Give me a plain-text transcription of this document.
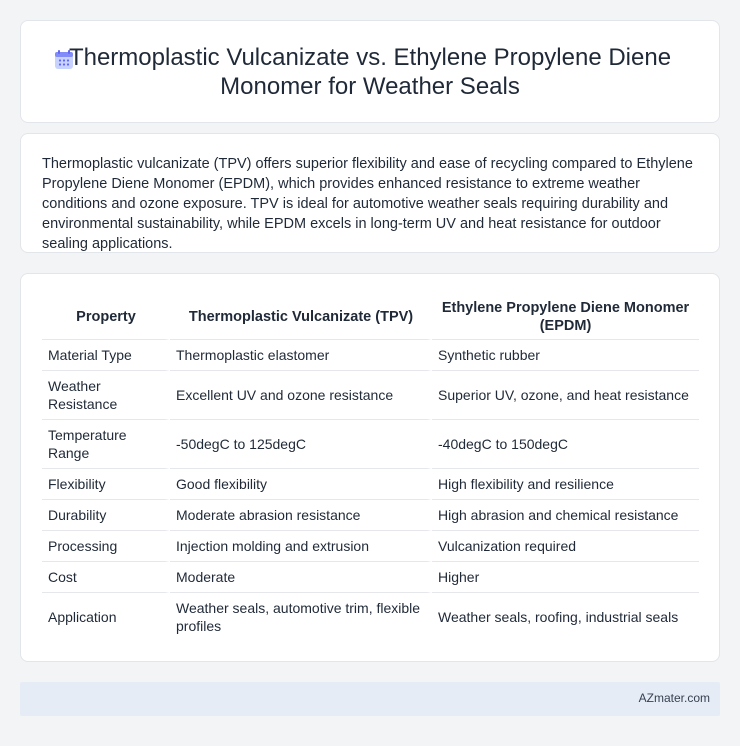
Thermoplastic Vulcanizate vs. Ethylene Propylene Diene Monomer for Weather Seals

Thermoplastic vulcanizate (TPV) offers superior flexibility and ease of recycling compared to Ethylene Propylene Diene Monomer (EPDM), which provides enhanced resistance to extreme weather conditions and ozone exposure. TPV is ideal for automotive weather seals requiring durability and environmental sustainability, while EPDM excels in long-term UV and heat resistance for outdoor sealing applications.

Property	Thermoplastic Vulcanizate (TPV)	Ethylene Propylene Diene Monomer (EPDM)
Material Type	Thermoplastic elastomer	Synthetic rubber
Weather Resistance	Excellent UV and ozone resistance	Superior UV, ozone, and heat resistance
Temperature Range	-50degC to 125degC	-40degC to 150degC
Flexibility	Good flexibility	High flexibility and resilience
Durability	Moderate abrasion resistance	High abrasion and chemical resistance
Processing	Injection molding and extrusion	Vulcanization required
Cost	Moderate	Higher
Application	Weather seals, automotive trim, flexible profiles	Weather seals, roofing, industrial seals
AZmater.com
